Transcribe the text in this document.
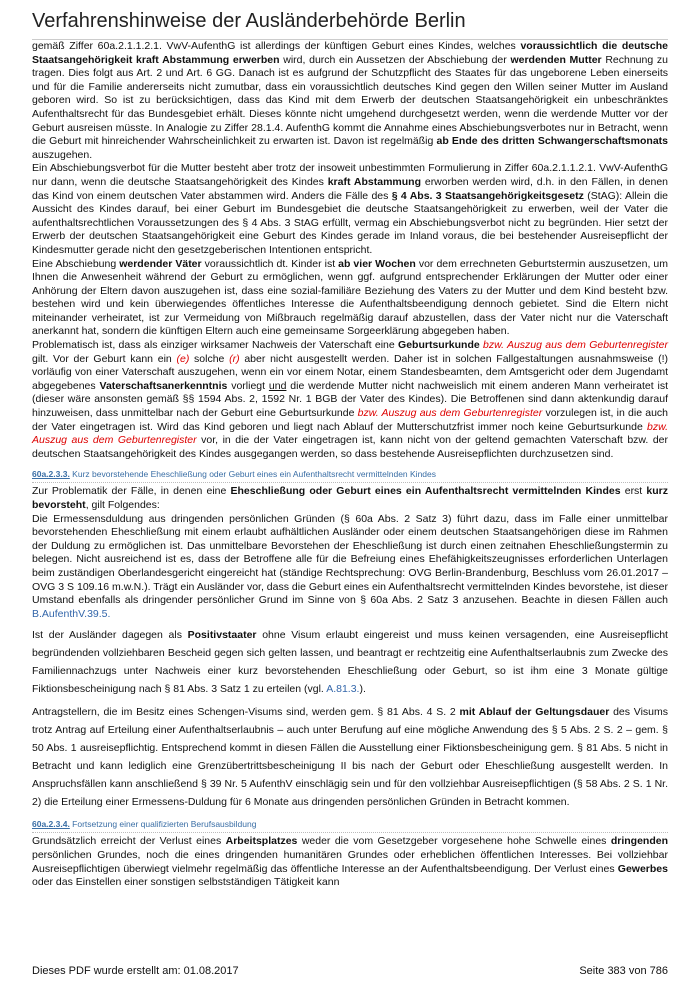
Verfahrenshinweise der Ausländerbehörde Berlin

gemäß Ziffer 60a.2.1.1.2.1. VwV-AufenthG ist allerdings der künftigen Geburt eines Kindes, welches voraussichtlich die deutsche Staatsangehörigkeit kraft Abstammung erwerben wird, durch ein Aussetzen der Abschiebung der werdenden Mutter Rechnung zu tragen. Dies folgt aus Art. 2 und Art. 6 GG. Danach ist es aufgrund der Schutzpflicht des Staates für das ungeborene Leben einerseits und für die Familie andererseits nicht zumutbar, dass ein voraussichtlich deutsches Kind gegen den Willen seiner Mutter im Ausland geboren wird. So ist zu berücksichtigen, dass das Kind mit dem Erwerb der deutschen Staatsangehörigkeit ein unbeschränktes Aufenthaltsrecht für das Bundesgebiet erhält. Dieses könnte nicht umgehend durchgesetzt werden, wenn die werdende Mutter vor der Geburt ausreisen müsste. In Analogie zu Ziffer 28.1.4. AufenthG kommt die Annahme eines Abschiebungsverbotes nur in Betracht, wenn die Geburt mit hinreichender Wahrscheinlichkeit zu erwarten ist. Davon ist regelmäßig ab Ende des dritten Schwangerschaftsmonats auszugehen.

Ein Abschiebungsverbot für die Mutter besteht aber trotz der insoweit unbestimmten Formulierung in Ziffer 60a.2.1.1.2.1. VwV-AufenthG nur dann, wenn die deutsche Staatsangehörigkeit des Kindes kraft Abstammung erworben werden wird, d.h. in den Fällen, in denen das Kind von einem deutschen Vater abstammen wird. Anders die Fälle des § 4 Abs. 3 Staatsangehörigkeitsgesetz (StAG): Allein die Aussicht des Kindes darauf, bei einer Geburt im Bundesgebiet die deutsche Staatsangehörigkeit zu erwerben, weil der Vater die aufenthaltsrechtlichen Voraussetzungen des § 4 Abs. 3 StAG erfüllt, vermag ein Abschiebungsverbot nicht zu begründen. Hier setzt der Erwerb der deutschen Staatsangehörigkeit eine Geburt des Kindes gerade im Inland voraus, die bei bestehender Ausreisepflicht der Kindesmutter gerade nicht den gesetzgeberischen Intentionen entspricht.

Eine Abschiebung werdender Väter voraussichtlich dt. Kinder ist ab vier Wochen vor dem errechneten Geburtstermin auszusetzen, um Ihnen die Anwesenheit während der Geburt zu ermöglichen, wenn ggf. aufgrund entsprechender Erklärungen der Mutter oder einer Anhörung der Eltern davon auszugehen ist, dass eine sozial-familiäre Beziehung des Vaters zu der Mutter und dem Kind besteht bzw. bestehen wird und kein überwiegendes öffentliches Interesse die Aufenthaltsbeendigung dennoch gebietet. Sind die Eltern nicht miteinander verheiratet, ist zur Vermeidung von Mißbrauch regelmäßig darauf abzustellen, dass der Vater nicht nur die Vaterschaft anerkannt hat, sondern die künftigen Eltern auch eine gemeinsame Sorgeerklärung abgegeben haben.

Problematisch ist, dass als einziger wirksamer Nachweis der Vaterschaft eine Geburtsurkunde bzw. Auszug aus dem Geburtenregister gilt. Vor der Geburt kann ein (e) solche (r) aber nicht ausgestellt werden. Daher ist in solchen Fallgestaltungen ausnahmsweise (!) vorläufig von einer Vaterschaft auszugehen, wenn ein vor einem Notar, einem Standesbeamten, dem Amtsgericht oder dem Jugendamt abgegebenes Vaterschaftsanerkenntnis vorliegt und die werdende Mutter nicht nachweislich mit einem anderen Mann verheiratet ist (dieser wäre ansonsten gemäß §§ 1594 Abs. 2, 1592 Nr. 1 BGB der Vater des Kindes). Die Betroffenen sind dann aktenkundig darauf hinzuweisen, dass unmittelbar nach der Geburt eine Geburtsurkunde bzw. Auszug aus dem Geburtenregister vorzulegen ist, in die auch der Vater eingetragen ist. Wird das Kind geboren und liegt nach Ablauf der Mutterschutzfrist immer noch keine Geburtsurkunde bzw. Auszug aus dem Geburtenregister vor, in die der Vater eingetragen ist, kann nicht von der geltend gemachten Vaterschaft bzw. der deutschen Staatsangehörigkeit des Kindes ausgegangen werden, so dass bestehende Ausreisepflichten durchzusetzen sind.

60a.2.3.3. Kurz bevorstehende Eheschließung oder Geburt eines ein Aufenthaltsrecht vermittelnden Kindes

Zur Problematik der Fälle, in denen eine Eheschließung oder Geburt eines ein Aufenthaltsrecht vermittelnden Kindes erst kurz bevorsteht, gilt Folgendes:

Die Ermessensduldung aus dringenden persönlichen Gründen (§ 60a Abs. 2 Satz 3) führt dazu, dass im Falle einer unmittelbar bevorstehenden Eheschließung mit einem erlaubt aufhältlichen Ausländer oder einem deutschen Staatsangehörigen diese im Rahmen der Duldung zu ermöglichen ist. Das unmittelbare Bevorstehen der Eheschließung ist durch einen zeitnahen Eheschließungstermin zu belegen. Nicht ausreichend ist es, dass der Betroffene alle für die Befreiung eines Ehefähigkeitszeugnisses erforderlichen Unterlagen beim zuständigen Oberlandesgericht eingereicht hat (ständige Rechtsprechung: OVG Berlin-Brandenburg, Beschluss vom 26.01.2017 – OVG 3 S 109.16 m.w.N.). Trägt ein Ausländer vor, dass die Geburt eines ein Aufenthaltsrecht vermittelnden Kindes bevorstehe, ist dieser Umstand ebenfalls als dringender persönlicher Grund im Sinne von § 60a Abs. 2 Satz 3 anzusehen. Beachte in diesen Fällen auch B.AufenthV.39.5.

Ist der Ausländer dagegen als Positivstaater ohne Visum erlaubt eingereist und muss keinen versagenden, eine Ausreisepflicht begründenden vollziehbaren Bescheid gegen sich gelten lassen, und beantragt er rechtzeitig eine Aufenthaltserlaubnis zum Zwecke des Familiennachzugs unter Nachweis einer kurz bevorstehenden Eheschließung oder Geburt, so ist ihm eine 3 Monate gültige Fiktionsbescheinigung nach § 81 Abs. 3 Satz 1 zu erteilen (vgl. A.81.3.).

Antragstellern, die im Besitz eines Schengen-Visums sind, werden gem. § 81 Abs. 4 S. 2 mit Ablauf der Geltungsdauer des Visums trotz Antrag auf Erteilung einer Aufenthaltserlaubnis – auch unter Berufung auf eine mögliche Anwendung des § 5 Abs. 2 S. 2 – gem. § 50 Abs. 1 ausreisepflichtig. Entsprechend kommt in diesen Fällen die Ausstellung einer Fiktionsbescheinigung gem. § 81 Abs. 5 nicht in Betracht und kann lediglich eine Grenzübertrittsbescheinigung II bis nach der Geburt oder Eheschließung ausgestellt werden. In Anspruchsfällen kann anschließend § 39 Nr. 5 AufenthV einschlägig sein und für den vollziehbar Ausreisepflichtigen (§ 58 Abs. 2 S. 1 Nr. 2) die Erteilung einer Ermessens-Duldung für 6 Monate aus dringenden persönlichen Gründen in Betracht kommen.

60a.2.3.4. Fortsetzung einer qualifizierten Berufsausbildung

Grundsätzlich erreicht der Verlust eines Arbeitsplatzes weder die vom Gesetzgeber vorgesehene hohe Schwelle eines dringenden persönlichen Grundes, noch die eines dringenden humanitären Grundes oder erheblichen öffentlichen Interesses. Bei vollziehbar Ausreisepflichtigen überwiegt vielmehr regelmäßig das öffentliche Interesse an der Aufenthaltsbeendigung. Der Verlust eines Gewerbes oder das Einstellen einer sonstigen selbstständigen Tätigkeit kann

Dieses PDF wurde erstellt am: 01.08.2017	Seite 383 von 786
